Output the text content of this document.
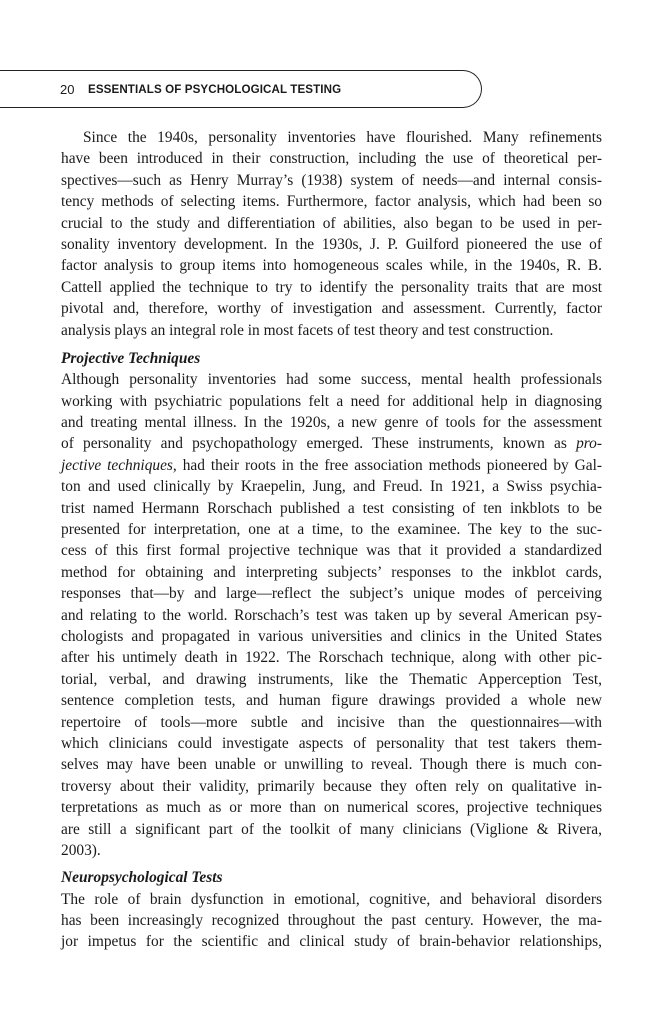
20 ESSENTIALS OF PSYCHOLOGICAL TESTING
Since the 1940s, personality inventories have flourished. Many refinements
have been introduced in their construction, including the use of theoretical per-
spectives—such as Henry Murray’s (1938) system of needs—and internal consis-
tency methods of selecting items. Furthermore, factor analysis, which had been so
crucial to the study and differentiation of abilities, also began to be used in per-
sonality inventory development. In the 1930s, J. P. Guilford pioneered the use of
factor analysis to group items into homogeneous scales while, in the 1940s, R. B.
Cattell applied the technique to try to identify the personality traits that are most
pivotal and, therefore, worthy of investigation and assessment. Currently, factor
analysis plays an integral role in most facets of test theory and test construction.
Projective Techniques
Although personality inventories had some success, mental health professionals
working with psychiatric populations felt a need for additional help in diagnosing
and treating mental illness. In the 1920s, a new genre of tools for the assessment
of personality and psychopathology emerged. These instruments, known as pro-
jective techniques, had their roots in the free association methods pioneered by Gal-
ton and used clinically by Kraepelin, Jung, and Freud. In 1921, a Swiss psychia-
trist named Hermann Rorschach published a test consisting of ten inkblots to be
presented for interpretation, one at a time, to the examinee. The key to the suc-
cess of this first formal projective technique was that it provided a standardized
method for obtaining and interpreting subjects’ responses to the inkblot cards,
responses that—by and large—reflect the subject’s unique modes of perceiving
and relating to the world. Rorschach’s test was taken up by several American psy-
chologists and propagated in various universities and clinics in the United States
after his untimely death in 1922. The Rorschach technique, along with other pic-
torial, verbal, and drawing instruments, like the Thematic Apperception Test,
sentence completion tests, and human figure drawings provided a whole new
repertoire of tools—more subtle and incisive than the questionnaires—with
which clinicians could investigate aspects of personality that test takers them-
selves may have been unable or unwilling to reveal. Though there is much con-
troversy about their validity, primarily because they often rely on qualitative in-
terpretations as much as or more than on numerical scores, projective techniques
are still a significant part of the toolkit of many clinicians (Viglione & Rivera,
2003).
Neuropsychological Tests
The role of brain dysfunction in emotional, cognitive, and behavioral disorders
has been increasingly recognized throughout the past century. However, the ma-
jor impetus for the scientific and clinical study of brain-behavior relationships,
